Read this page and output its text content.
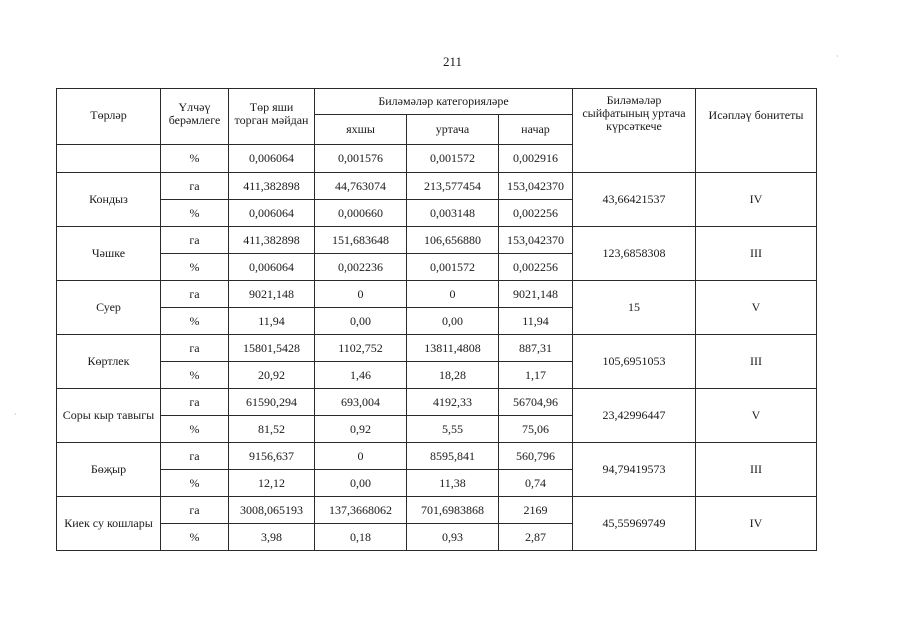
211	·
·
Төрләр	Үлчәү берәмлеге	Төр яши торган мәйдан	Биләмәләр категорияләре			Биләмәләр сыйфатының уртача күрсәткече	Исәпләү бонитеты
			яхшы	уртача	начар		
	%	0,006064	0,001576	0,001572	0,002916		
Кондыз	га	411,382898	44,763074	213,577454	153,042370	43,66421537	IV
	%	0,006064	0,000660	0,003148	0,002256		
Чәшке	га	411,382898	151,683648	106,656880	153,042370	123,6858308	III
	%	0,006064	0,002236	0,001572	0,002256		
Суер	га	9021,148	0	0	9021,148	15	V
	%	11,94	0,00	0,00	11,94		
Көртлек	га	15801,5428	1102,752	13811,4808	887,31	105,6951053	III
	%	20,92	1,46	18,28	1,17		
Соры кыр тавыгы	га	61590,294	693,004	4192,33	56704,96	23,42996447	V
	%	81,52	0,92	5,55	75,06		
Бөҗыр	га	9156,637	0	8595,841	560,796	94,79419573	III
	%	12,12	0,00	11,38	0,74		
Киек су кошлары	га	3008,065193	137,3668062	701,6983868	2169	45,55969749	IV
	%	3,98	0,18	0,93	2,87		
